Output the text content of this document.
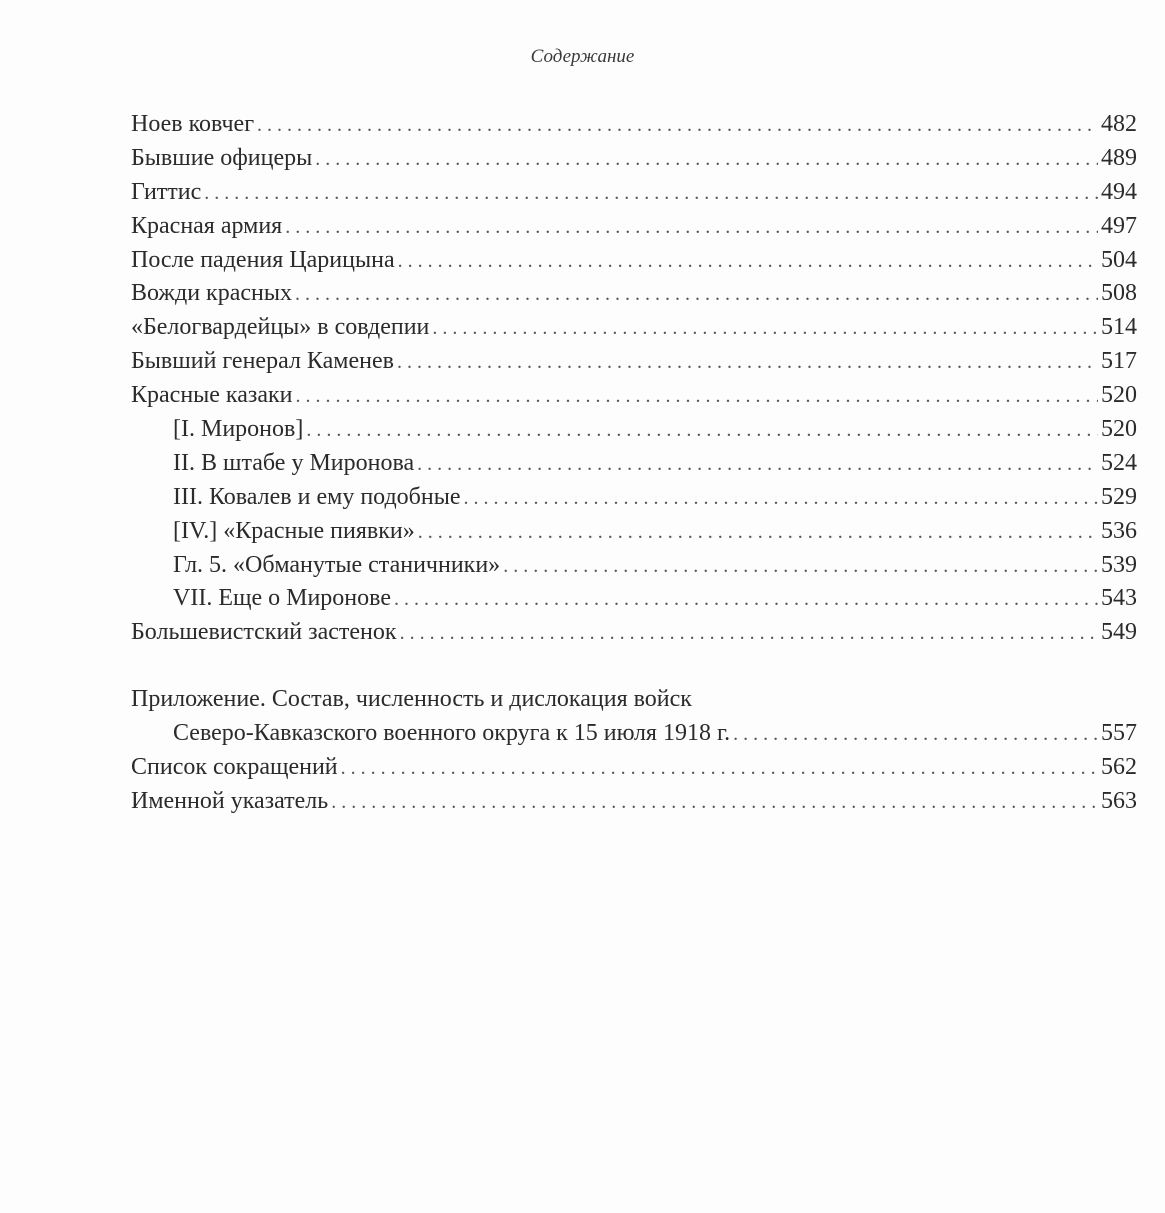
Содержание
Ноев ковчег . . .	482
Бывшие офицеры . . .	489
Гиттис . . .	494
Красная армия . . .	497
После падения Царицына . . .	504
Вожди красных . . .	508
«Белогвардейцы» в совдепии . . .	514
Бывший генерал Каменев . . .	517
Красные казаки . . .	520
[I. Миронов] . . .	520
II. В штабе у Миронова . . .	524
III. Ковалев и ему подобные . . .	529
[IV.] «Красные пиявки» . . .	536
Гл. 5. «Обманутые станичники» . . .	539
VII. Еще о Миронове . . .	543
Большевистский застенок . . .	549
Приложение. Состав, численность и дислокация войск
Северо-Кавказского военного округа к 15 июля 1918 г. . . .	557
Список сокращений . . .	562
Именной указатель . . .	563
